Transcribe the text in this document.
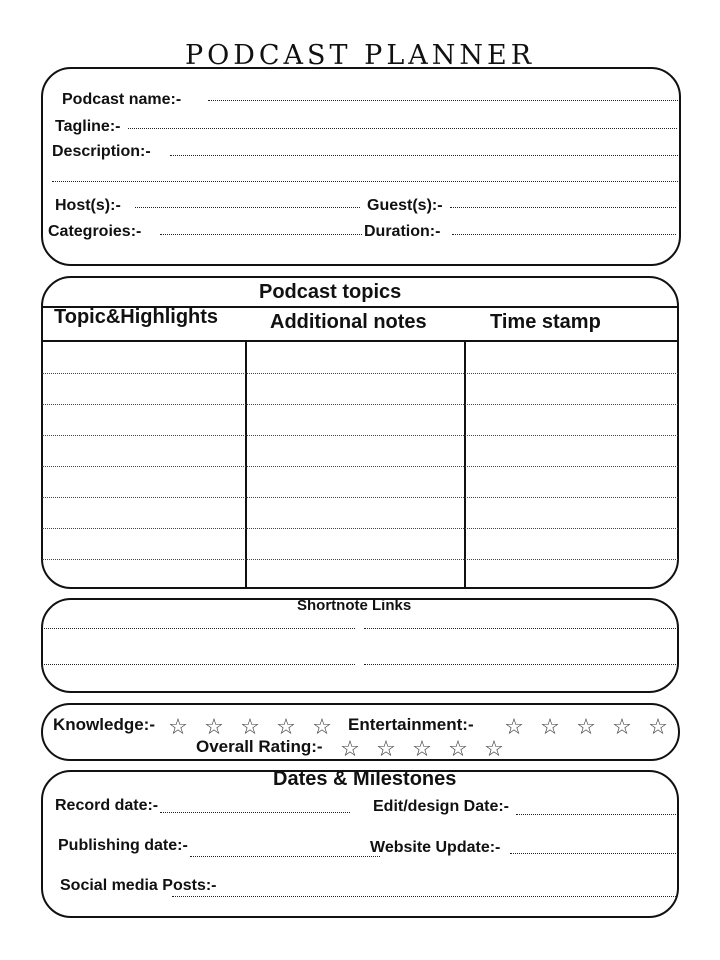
PODCAST PLANNER
Podcast name:-
Tagline:-
Description:-
Host(s):-	Guest(s):-
Categroies:-	Duration:-
Podcast topics
Topic&Highlights	Additional notes	Time stamp
Shortnote Links
Knowledge:- ☆ ☆ ☆ ☆ ☆ Entertainment:-	☆ ☆ ☆ ☆ ☆
Overall Rating:- ☆ ☆ ☆ ☆ ☆
Dates & Milestones
Record date:-	Edit/design Date:-
Publishing date:-	Website Update:-
Social media Posts:-
